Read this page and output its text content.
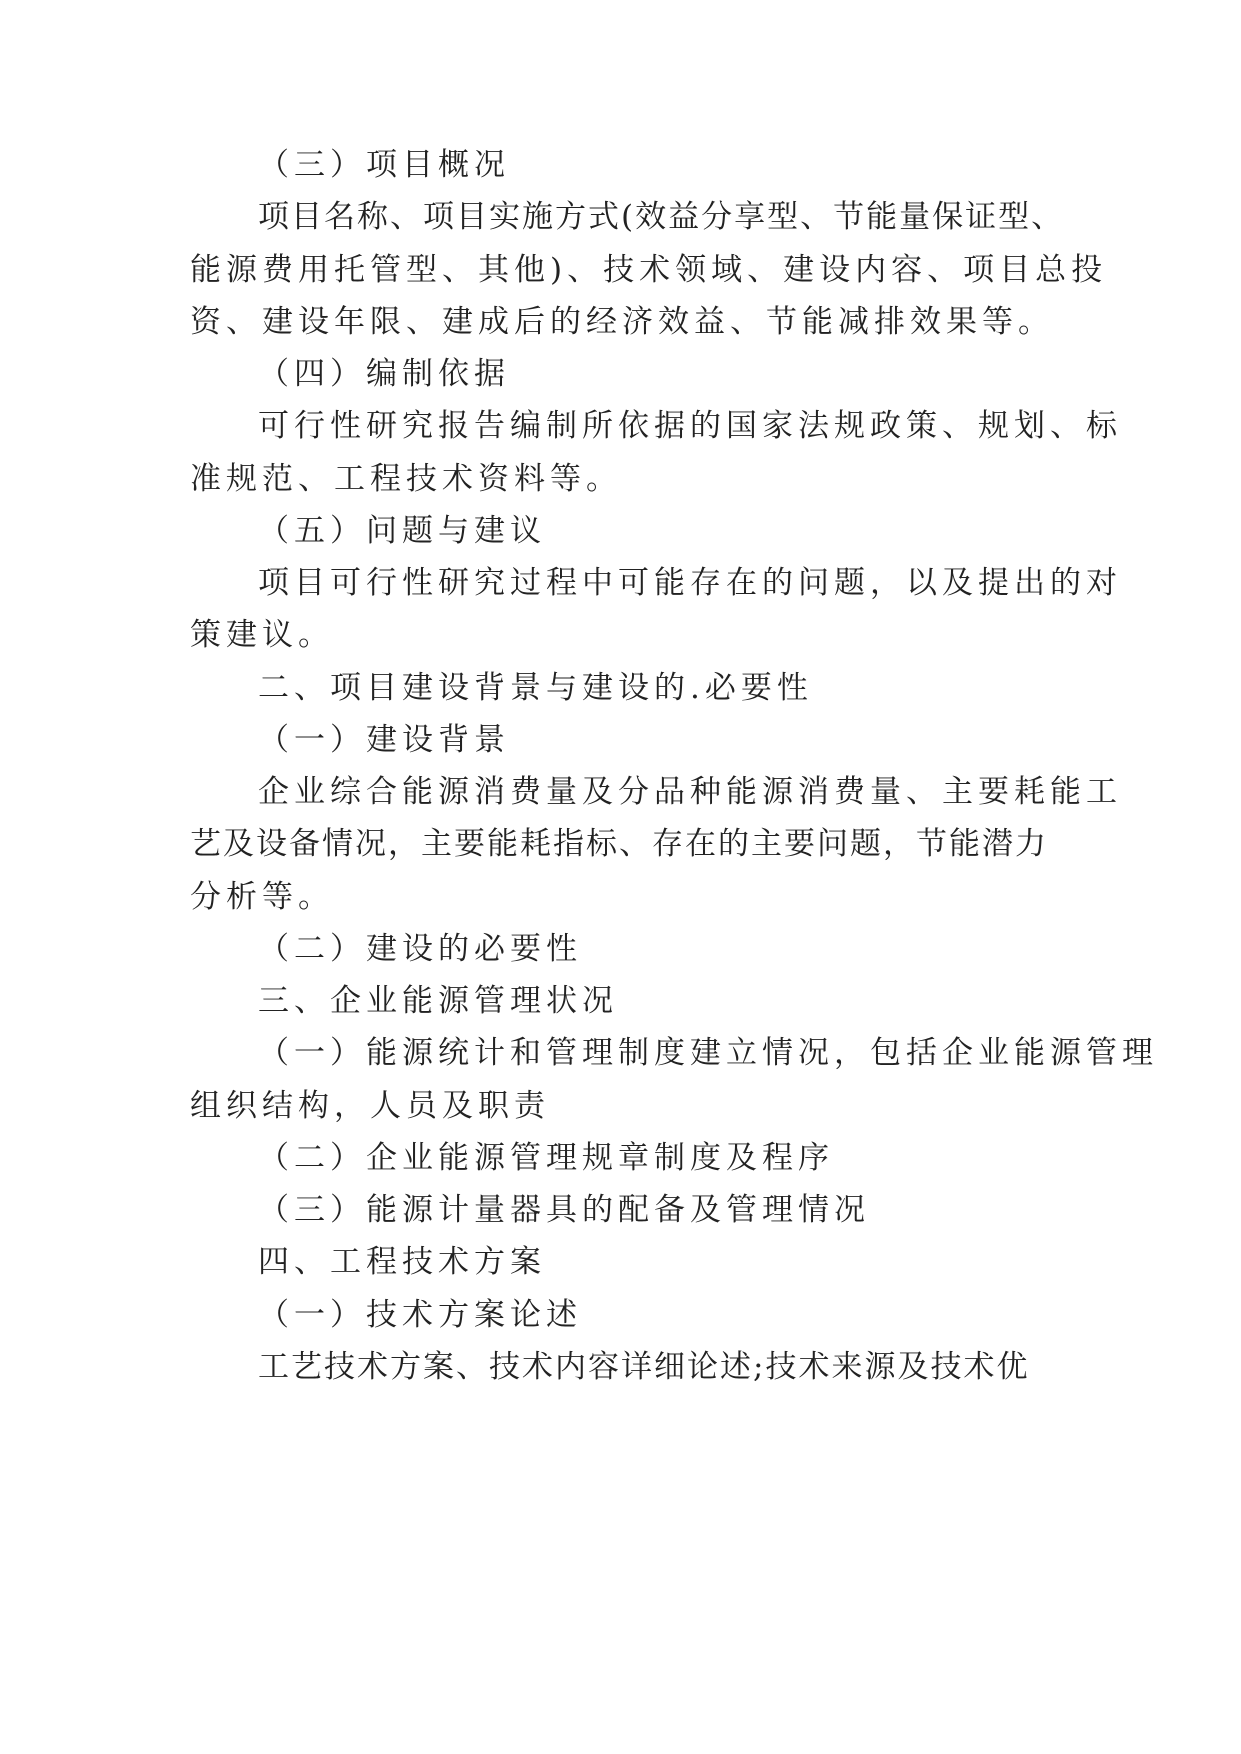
（三）项目概况
项目名称、项目实施方式(效益分享型、节能量保证型、
能源费用托管型、其他)、技术领域、建设内容、项目总投
资、建设年限、建成后的经济效益、节能减排效果等。
（四）编制依据
可行性研究报告编制所依据的国家法规政策、规划、标
准规范、工程技术资料等。
（五）问题与建议
项目可行性研究过程中可能存在的问题，以及提出的对
策建议。
二、项目建设背景与建设的.必要性
（一）建设背景
企业综合能源消费量及分品种能源消费量、主要耗能工
艺及设备情况，主要能耗指标、存在的主要问题，节能潜力
分析等。
（二）建设的必要性
三、企业能源管理状况
（一）能源统计和管理制度建立情况，包括企业能源管理
组织结构，人员及职责
（二）企业能源管理规章制度及程序
（三）能源计量器具的配备及管理情况
四、工程技术方案
（一）技术方案论述
工艺技术方案、技术内容详细论述;技术来源及技术优
